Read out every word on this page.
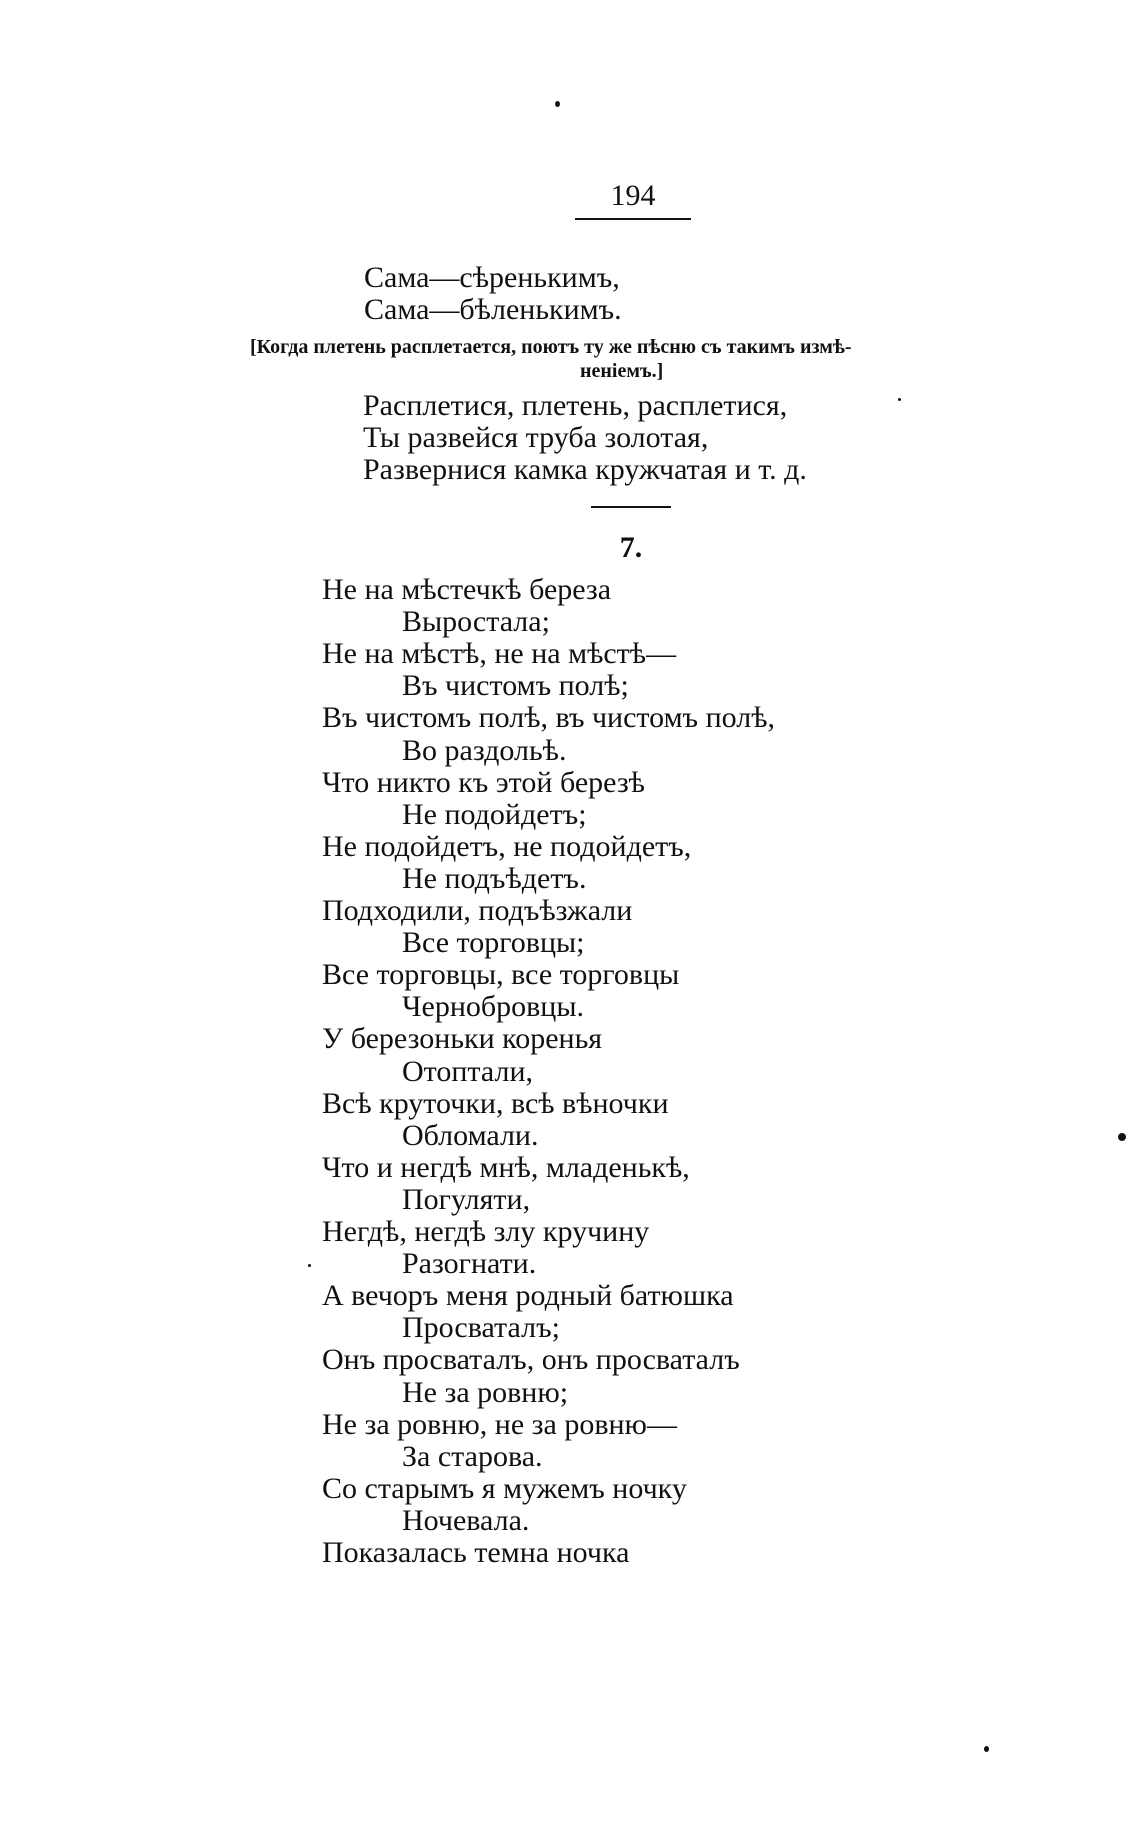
194
Сама—сѣренькимъ,
Сама—бѣленькимъ.
[Когда плетень расплетается, поютъ ту же пѣсню съ такимъ измѣ-
неніемъ.]
Расплетися, плетень, расплетися,
Ты развейся труба золотая,
Развернися камка кружчатая и т. д.
7.
Не на мѣстечкѣ береза
Выростала;
Не на мѣстѣ, не на мѣстѣ—
Въ чистомъ полѣ;
Въ чистомъ полѣ, въ чистомъ полѣ,
Во раздольѣ.
Что никто къ этой березѣ
Не подойдетъ;
Не подойдетъ, не подойдетъ,
Не подъѣдетъ.
Подходили, подъѣзжали
Все торговцы;
Все торговцы, все торговцы
Чернобровцы.
У березоньки коренья
Отоптали,
Всѣ круточки, всѣ вѣночки
Обломали.
Что и негдѣ мнѣ, младенькѣ,
Погуляти,
Негдѣ, негдѣ злу кручину
Разогнати.
А вечоръ меня родный батюшка
Просваталъ;
Онъ просваталъ, онъ просваталъ
Не за ровню;
Не за ровню, не за ровню—
За старова.
Со старымъ я мужемъ ночку
Ночевала.
Показалась темна ночка
